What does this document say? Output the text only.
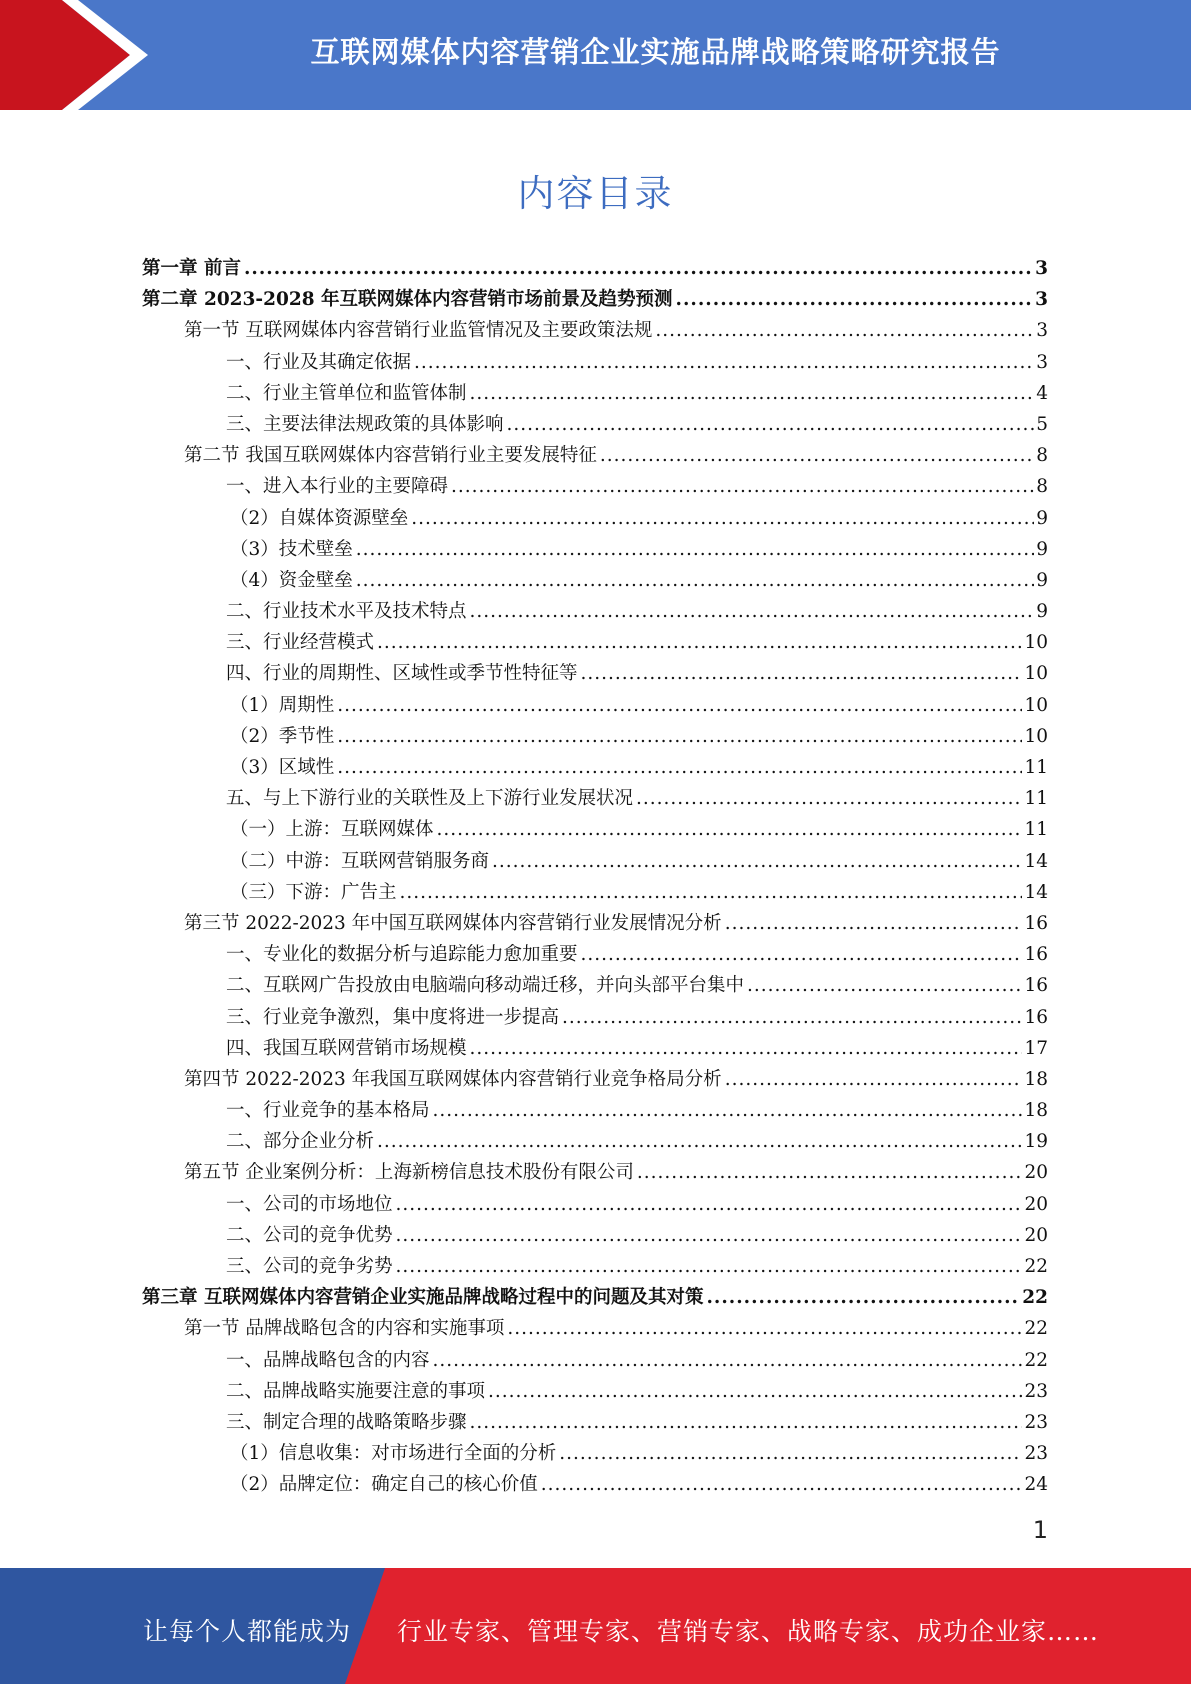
互联网媒体内容营销企业实施品牌战略策略研究报告
内容目录
第一章 前言 .....	3
第二章 2023-2028 年互联网媒体内容营销市场前景及趋势预测 .....	3
第一节 互联网媒体内容营销行业监管情况及主要政策法规 .....	3
一、行业及其确定依据 .....	3
二、行业主管单位和监管体制 .....	4
三、主要法律法规政策的具体影响 .....	5
第二节 我国互联网媒体内容营销行业主要发展特征 .....	8
一、进入本行业的主要障碍 .....	8
（2）自媒体资源壁垒 .....	9
（3）技术壁垒 .....	9
（4）资金壁垒 .....	9
二、行业技术水平及技术特点 .....	9
三、行业经营模式 .....	10
四、行业的周期性、区域性或季节性特征等 .....	10
（1）周期性 .....	10
（2）季节性 .....	10
（3）区域性 .....	11
五、与上下游行业的关联性及上下游行业发展状况 .....	11
（一）上游：互联网媒体 .....	11
（二）中游：互联网营销服务商 .....	14
（三）下游：广告主 .....	14
第三节 2022-2023 年中国互联网媒体内容营销行业发展情况分析 .....	16
一、专业化的数据分析与追踪能力愈加重要 .....	16
二、互联网广告投放由电脑端向移动端迁移，并向头部平台集中 .....	16
三、行业竞争激烈，集中度将进一步提高 .....	16
四、我国互联网营销市场规模 .....	17
第四节 2022-2023 年我国互联网媒体内容营销行业竞争格局分析 .....	18
一、行业竞争的基本格局 .....	18
二、部分企业分析 .....	19
第五节 企业案例分析：上海新榜信息技术股份有限公司 .....	20
一、公司的市场地位 .....	20
二、公司的竞争优势 .....	20
三、公司的竞争劣势 .....	22
第三章 互联网媒体内容营销企业实施品牌战略过程中的问题及其对策 .....	22
第一节 品牌战略包含的内容和实施事项 .....	22
一、品牌战略包含的内容 .....	22
二、品牌战略实施要注意的事项 .....	23
三、制定合理的战略策略步骤 .....	23
（1）信息收集：对市场进行全面的分析 .....	23
（2）品牌定位：确定自己的核心价值 .....	24
1
让每个人都能成为 行业专家、管理专家、营销专家、战略专家、成功企业家……
